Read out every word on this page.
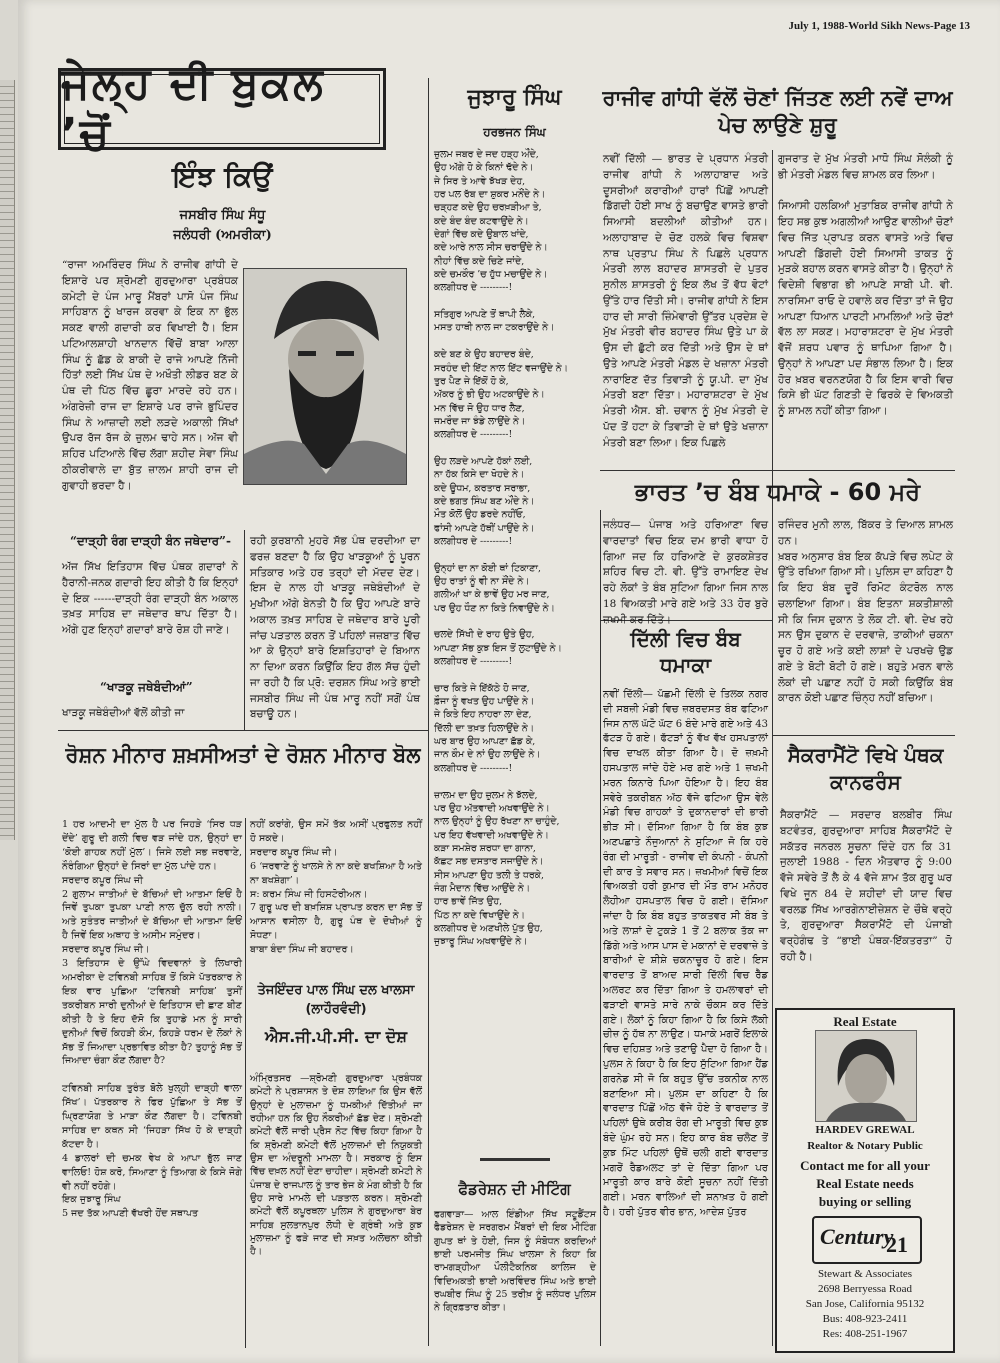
July 1, 1988-World Sikh News-Page 13
ਜੇਲ੍ਹ ਦੀ ਬੁਕਲ ’ਚੋਂ
ਇੰਝ ਕਿਉਂ
ਜਸਬੀਰ ਸਿੰਘ ਸੰਧੂ
ਜਲੰਧਰੀ (ਅਮਰੀਕਾ)
“ਰਾਜਾ ਅਮਰਿੰਦਰ ਸਿੰਘ ਨੇ ਰਾਜੀਵ ਗਾਂਧੀ ਦੇ ਇਸ਼ਾਰੇ ਪਰ ਸ਼੍ਰੋਮਣੀ ਗੁਰਦੁਆਰਾ ਪ੍ਰਬੰਧਕ ਕਮੇਟੀ ਦੇ ਪੰਜ ਮਾਰੂ ਮੈਂਬਰਾਂ ਪਾਸੋ ਪੰਜ ਸਿੰਘ ਸਾਹਿਬਾਨ ਨੂੰ ਖਾਰਜ ਕਰਵਾ ਕੇ ਇਕ ਨਾ ਭੁੱਲ ਸਕਣ ਵਾਲੀ ਗਦਾਰੀ ਕਰ ਵਿਖਾਈ ਹੈ। ਇਸ ਪਟਿਆਲਸ਼ਾਹੀ ਖਾਨਦਾਨ ਵਿੱਚੋਂ ਬਾਬਾ ਆਲਾ ਸਿੰਘ ਨੂੰ ਛੱਡ ਕੇ ਬਾਕੀ ਦੇ ਰਾਜੇ ਆਪਣੇ ਨਿੱਜੀ ਹਿੱਤਾਂ ਲਈ ਸਿੱਖ ਪੰਥ ਦੇ ਅਖੌਤੀ ਲੀਡਰ ਬਣ ਕੇ ਪੰਥ ਦੀ ਪਿੱਠ ਵਿੱਚ ਛੂਰਾ ਮਾਰਦੇ ਰਹੇ ਹਨ। ਅੰਗਰੇਜ਼ੀ ਰਾਜ ਦਾ ਇਸ਼ਾਰੇ ਪਰ ਰਾਜੇ ਭੁਪਿੰਦਰ ਸਿੰਘ ਨੇ ਆਜ਼ਾਦੀ ਲਈ ਲੜਦੇ ਅਕਾਲੀ ਸਿੱਖਾਂ ਉਪਰ ਰੱਜ ਰੱਜ ਕੇ ਜ਼ੁਲਮ ਢਾਹੇ ਸਨ। ਅੱਜ ਵੀ ਸ਼ਹਿਰ ਪਟਿਆਲੇ ਵਿੱਚ ਲੱਗਾ ਸ਼ਹੀਦ ਸੇਵਾ ਸਿੰਘ ਠੀਕਰੀਵਾਲੇ ਦਾ ਬੁੱਤ ਜ਼ਾਲਮ ਸ਼ਾਹੀ ਰਾਜ ਦੀ ਗੁਵਾਹੀ ਭਰਦਾ ਹੈ।
“ਦਾੜ੍ਹੀ ਰੰਗ ਦਾੜ੍ਹੀ ਬੰਨ ਜਥੇਦਾਰ”-
ਅੱਜ ਸਿੱਖ ਇਤਿਹਾਸ ਵਿੱਚ ਪੰਥਕ ਗਦਾਰਾਂ ਨੇ ਹੈਰਾਨੀ-ਜਨਕ ਗਦਾਰੀ ਇਹ ਕੀਤੀ ਹੈ ਕਿ ਇਨ੍ਹਾਂ ਦੇ ਇਕ ------ਦਾੜ੍ਹੀ ਰੰਗ ਦਾੜ੍ਹੀ ਬੰਨ ਅਕਾਲ ਤਖ਼ਤ ਸਾਹਿਬ ਦਾ ਜਥੇਦਾਰ ਥਾਪ ਦਿੱਤਾ ਹੈ। ਅੱਗੇ ਹੁਣ ਇਨ੍ਹਾਂ ਗਦਾਰਾਂ ਬਾਰੇ ਰੋਸ਼ ਹੀ ਜਾਣੇ।
“ਖਾੜਕੂ ਜਥੇਬੰਦੀਆਂ”
ਖਾੜਕੂ ਜਥੇਬੰਦੀਆਂ ਵੱਲੋਂ ਕੀਤੀ ਜਾ
ਰਹੀ ਕੁਰਬਾਨੀ ਮੁਹਰੇ ਸੱਭ ਪੰਥ ਦਰਦੀਆ ਦਾ ਫਰਜ਼ ਬਣਦਾ ਹੈ ਕਿ ਉਹ ਖਾੜਕੂਆਂ ਨੂੰ ਪੂਰਨ ਸਤਿਕਾਰ ਅਤੇ ਹਰ ਤਰ੍ਹਾਂ ਦੀ ਮੱਦਦ ਦੇਣ। ਇਸ ਦੇ ਨਾਲ ਹੀ ਖਾੜਕੂ ਜਥੇਬੰਦੀਆਂ ਦੇ ਮੁਖੀਆ ਅੱਗੇ ਬੇਨਤੀ ਹੈ ਕਿ ਉਹ ਆਪਣੇ ਬਾਰੇ ਅਕਾਲ ਤਖ਼ਤ ਸਾਹਿਬ ਦੇ ਜਥੇਦਾਰ ਬਾਰੇ ਪੂਰੀ ਜਾਂਚ ਪੜਤਾਲ ਕਰਨ ਤੋਂ ਪਹਿਲਾਂ ਜਜ਼ਬਾਤ ਵਿੱਚ ਆ ਕੇ ਉਨ੍ਹਾਂ ਬਾਰੇ ਇਸ਼ਤਿਹਾਰਾਂ ਦੇ ਬਿਆਨ ਨਾ ਦਿਆ ਕਰਨ ਕਿਉਂਕਿ ਇਹ ਗੱਲ ਸੱਚ ਹੁੰਦੀ ਜਾ ਰਹੀ ਹੈ ਕਿ ਪ੍ਰੋ: ਦਰਸ਼ਨ ਸਿੰਘ ਅਤੇ ਭਾਈ ਜਸਬੀਰ ਸਿੰਘ ਜੀ ਪੰਥ ਮਾਰੂ ਨਹੀਂ ਸਗੋਂ ਪੰਥ ਬਚਾਊ ਹਨ।
ਜੁਝਾਰੂ ਸਿੰਘ
ਹਰਭਜਨ ਸਿੰਘ
ਜ਼ੁਲਮ ਜਬਰ ਦੇ ਜਦ ਹੜ੍ਹ ਔਂਦੇ,
ਉਹ ਅੱਗੇ ਹੋ ਕੇ ਕਿਨਾਂ ਢੱਦੇ ਨੇ।
ਜੇ ਸਿਰ ਤੇ ਆਵੇ ਝੱਖੜ ਦੇਹ,
ਹਰ ਪਲ ਰੱਬ ਦਾ ਸ਼ੁਕਰ ਮਨੌਂਦੇ ਨੇ।
ਚੜ੍ਹਣ ਕਦੇ ਉਹ ਚਰਖ਼ੜੀਆ ਤੇ,
ਕਦੇ ਬੰਦ ਬੰਦ ਕਟਵਾਉਂਦੇ ਨੇ।
ਦੇਗਾਂ ਵਿੱਚ ਕਦੇ ਉਬਾਲ ਖਾਂਦੇ,
ਕਦੇ ਆਰੇ ਨਾਲ ਸੀਸ ਚਰਾਉਂਦੇ ਨੇ।
ਨੀਹਾਂ ਵਿੱਚ ਕਦੇ ਚਿਣੇ ਜਾਂਦੇ,
ਕਦੇ ਚਮਕੌਰ ’ਚ ਹੁੱਧ ਮਚਾਉਂਦੇ ਨੇ।
ਕਲਗੀਧਰ ਦੇ ---------!

ਸਤਿਗੁਰ ਆਪਣੇ ਤੋਂ ਥਾਪੀ ਲੈਕੇ,
ਮਸਤ ਹਾਥੀ ਨਾਲ ਜਾ ਟਕਰਾਉਂਦੇ ਨੇ।

ਕਦੇ ਬਣ ਕੇ ਉਹ ਬਹਾਦਰ ਬੰਦੇ,
ਸਰਹੰਦ ਦੀ ਇੱਟ ਨਾਲ ਇੱਟ ਵਜਾਉਂਦੇ ਨੇ।
ਤੁਰ ਪੈਣ ਜੇ ਇੱਕੋਂ ਹੋ ਕੇ,
ਅੱਕਰ ਨੂੰ ਭੀ ਉਹ ਅਟਕਾਉਂਦੇ ਨੇ।
ਮਨ ਵਿੱਚ ਜੋ ਉਹ ਧਾਰ ਲੈਣ,
ਜਮਰੌਦ ਜਾ ਝੰਡੇ ਲਾਉਂਦੇ ਨੇ।
ਕਲਗੀਧਰ ਦੇ ---------!

ਉਹ ਲੜਦੇ ਆਪਣੇ ਹੱਕਾਂ ਲਈ,
ਨਾ ਹੱਕ ਕਿਸੇ ਦਾ ਖੋਹਦੇ ਨੇ।
ਕਦੇ ਊਧਮ, ਕਰਤਾਰ ਸਰਾਭਾ,
ਕਦੇ ਭਗਤ ਸਿੰਘ ਬਣ ਔਂਦੇ ਨੇ।
ਮੌਤ ਕੋਲੋਂ ਉਹ ਡਰਦੇ ਨਹੀਂਓ,
ਫਾਂਸੀ ਆਪਣੇ ਹੱਥੀਂ ਪਾਉਂਦੇ ਨੇ।
ਕਲਗੀਧਰ ਦੇ ---------!

ਉਨ੍ਹਾਂ ਦਾ ਨਾ ਕੋਈ ਥਾਂ ਟਿਕਾਣਾ,
ਉਹ ਰਾਤਾਂ ਨੂੰ ਵੀ ਨਾ ਸੌਂਦੇ ਨੇ।
ਗਲੀਆਂ ਖਾ ਕੇ ਭਾਵੇਂ ਉਹ ਮਰ ਜਾਣ,
ਪਰ ਉਹ ਧੌਣ ਨਾ ਕਿਤੇ ਨਿਵਾਉਂਦੇ ਨੇ।

ਚਲਦੇ ਸਿੱਖੀ ਦੇ ਰਾਹ ਉਤੇ ਉਹ,
ਆਪਣਾ ਸੱਭ ਕੁਝ ਇਸ ਤੋਂ ਲੁਟਾਉਂਦੇ ਨੇ।
ਕਲਗੀਧਰ ਦੇ ---------!

ਚਾਰ ਕਿਤੇ ਜੇ ਇੱਕੱਠੇ ਹੋ ਜਾਣ,
ਫ਼ੌਜਾ ਨੂੰ ਵਖਤ ਉਹ ਪਾਉਂਦੇ ਨੇ।
ਜੇ ਕਿਤੇ ਇਹ ਨਾਹਰਾ ਲਾ ਦੇਣ,
ਦਿੱਲੀ ਦਾ ਤਖ਼ਤ ਹਿਲਾਉਂਦੇ ਨੇ।
ਘਰ ਬਾਰ ਉਹ ਆਪਣਾ ਛੱਡ ਕੇ,
ਜਾਨ ਕੌਮ ਦੇ ਨਾਂ ਉਹ ਲਾਉਂਦੇ ਨੇ।
ਕਲਗੀਧਰ ਦੇ ---------!

ਜ਼ਾਲਮ ਦਾ ਉਹ ਜ਼ੁਲਮ ਨੇ ਝੱਲਦੇ,
ਪਰ ਉਹ ਅੱਤਵਾਦੀ ਅਖਵਾਉਂਦੇ ਨੇ।
ਨਾਲ ਉਨ੍ਹਾਂ ਨੂੰ ਉਹ ਰੱਖਣਾ ਨਾ ਚਾਹੁੰਦੇ,
ਪਰ ਇਹ ਵੱਖਵਾਦੀ ਅਖਵਾਉਂਦੇ ਨੇ।
ਕੜਾ ਸਮਸ਼ੇਰ ਸ਼ਰਧਾ ਦਾ ਗਾਨਾ,
ਕੱਛਟ ਸਭ ਦਸਤਾਰ ਸਜਾਉਂਦੇ ਨੇ।
ਸੀਸ ਆਪਣਾ ਉਹ ਤਲੀ ਤੇ ਧਰਕੇ,
ਜੰਗ ਮੈਦਾਨ ਵਿੱਚ ਆਉਂਦੇ ਨੇ।
ਹਾਰ ਭਾਵੇਂ ਜਿੱਤ ਉਹ,
ਪਿੱਠ ਨਾ ਕਦੇ ਵਿਖਾਉਂਦੇ ਨੇ।
ਕਲਗੀਧਰ ਦੇ ਅਣਖੀਲੇ ਪੁੱਤ ਉਹ,
ਜੁਝਾਰੂ ਸਿੰਘ ਅਖਵਾਉਂਦੇ ਨੇ।
ਰਾਜੀਵ ਗਾਂਧੀ ਵੱਲੋਂ ਚੋਣਾਂ ਜਿੱਤਣ ਲਈ ਨਵੇਂ ਦਾਅ ਪੇਚ ਲਾਉਣੇ ਸ਼ੁਰੂ
ਨਵੀਂ ਦਿੱਲੀ — ਭਾਰਤ ਦੇ ਪ੍ਰਧਾਨ ਮੰਤਰੀ ਰਾਜੀਵ ਗਾਂਧੀ ਨੇ ਅਲਾਹਾਬਾਦ ਅਤੇ ਦੂਸਰੀਆਂ ਕਰਾਰੀਆਂ ਹਾਰਾਂ ਪਿੱਛੋਂ ਆਪਣੀ ਡਿੱਗਦੀ ਹੋਈ ਸਾਖ ਨੂੰ ਬਚਾਉਣ ਵਾਸਤੇ ਭਾਰੀ ਸਿਆਸੀ ਬਦਲੀਆਂ ਕੀਤੀਆਂ ਹਨ। ਅਲਾਹਾਬਾਦ ਦੇ ਚੋਣ ਹਲਕੇ ਵਿਚ ਵਿਸ਼ਵਾ ਨਾਥ ਪ੍ਰਤਾਪ ਸਿੰਘ ਨੇ ਪਿਛਲੇ ਪ੍ਰਧਾਨ ਮੰਤਰੀ ਲਾਲ ਬਹਾਦਰ ਸ਼ਾਸਤਰੀ ਦੇ ਪੁਤਰ ਸੁਨੀਲ ਸ਼ਾਸਤਰੀ ਨੂੰ ਇਕ ਲੱਖ ਤੋਂ ਵੱਧ ਵੋਟਾਂ ਉੱਤੇ ਹਾਰ ਦਿੱਤੀ ਸੀ। ਰਾਜੀਵ ਗਾਂਧੀ ਨੇ ਇਸ ਹਾਰ ਦੀ ਸਾਰੀ ਜ਼ਿੰਮੇਵਾਰੀ ਉੱਤਰ ਪ੍ਰਦੇਸ਼ ਦੇ ਮੁੱਖ ਮੰਤਰੀ ਵੀਰ ਬਹਾਦਰ ਸਿੰਘ ਉਤੇ ਪਾ ਕੇ ਉਸ ਦੀ ਛੁੱਟੀ ਕਰ ਦਿੱਤੀ ਅਤੇ ਉਸ ਦੇ ਥਾਂ ਉਤੇ ਆਪਣੇ ਮੰਤਰੀ ਮੰਡਲ ਦੇ ਖਜ਼ਾਨਾ ਮੰਤਰੀ ਨਾਰਾਇਣ ਦੱਤ ਤਿਵਾੜੀ ਨੂੰ ਯੂ.ਪੀ. ਦਾ ਮੁੱਖ ਮੰਤਰੀ ਬਣਾ ਦਿੱਤਾ। ਮਹਾਰਾਸ਼ਟਰਾ ਦੇ ਮੁੱਖ ਮੰਤਰੀ ਐਸ. ਬੀ. ਚਵਾਨ ਨੂੰ ਮੁੱਖ ਮੰਤਰੀ ਦੇ ਪੱਦ ਤੋਂ ਹਟਾ ਕੇ ਤਿਵਾੜੀ ਦੇ ਥਾਂ ਉਤੇ ਖਜ਼ਾਨਾ ਮੰਤਰੀ ਬਣਾ ਲਿਆ। ਇਕ ਪਿਛਲੇ
ਗੁਜਰਾਤ ਦੇ ਮੁੱਖ ਮੰਤਰੀ ਮਾਧੋ ਸਿੰਘ ਸੋਲੰਕੀ ਨੂੰ ਭੀ ਮੰਤਰੀ ਮੰਡਲ ਵਿਚ ਸ਼ਾਮਲ ਕਰ ਲਿਆ।

ਸਿਆਸੀ ਹਲਕਿਆਂ ਮੁਤਾਬਿਕ ਰਾਜੀਵ ਗਾਂਧੀ ਨੇ ਇਹ ਸਭ ਕੁਝ ਅਗਲੀਆਂ ਆਉਣ ਵਾਲੀਆਂ ਚੋਣਾਂ ਵਿਚ ਜਿੱਤ ਪ੍ਰਾਪਤ ਕਰਨ ਵਾਸਤੇ ਅਤੇ ਵਿਚ ਆਪਣੀ ਡਿੱਗਦੀ ਹੋਈ ਸਿਆਸੀ ਤਾਕਤ ਨੂੰ ਮੁੜਕੇ ਬਹਾਲ ਕਰਨ ਵਾਸਤੇ ਕੀਤਾ ਹੈ। ਉਨ੍ਹਾਂ ਨੇ ਵਿਦੇਸ਼ੀ ਵਿਭਾਗ ਭੀ ਆਪਣੇ ਸਾਬੀ ਪੀ. ਵੀ. ਨਾਰਸਿਮਾ ਰਾਓ ਦੇ ਹਵਾਲੇ ਕਰ ਦਿੱਤਾ ਤਾਂ ਜੋ ਉਹ ਆਪਣਾ ਧਿਆਨ ਪਾਰਟੀ ਮਾਮਲਿਆਂ ਅਤੇ ਚੋਣਾਂ ਵੱਲ ਲਾ ਸਕਣ। ਮਹਾਰਾਸ਼ਟਰਾ ਦੇ ਮੁੱਖ ਮੰਤਰੀ ਵੱਜੋਂ ਸ਼ਰਧ ਪਵਾਰ ਨੂੰ ਥਾਪਿਆ ਗਿਆ ਹੈ। ਉਨ੍ਹਾਂ ਨੇ ਆਪਣਾ ਪਦ ਸੰਭਾਲ ਲਿਆ ਹੈ। ਇਕ ਹੋਰ ਖ਼ਬਰ ਵਰਨਣਯੋਗ ਹੈ ਕਿ ਇਸ ਵਾਰੀ ਵਿਚ ਕਿਸੇ ਭੀ ਘੱਟ ਗਿਣਤੀ ਦੇ ਫਿਰਕੇ ਦੇ ਵਿਅਕਤੀ ਨੂੰ ਸ਼ਾਮਲ ਨਹੀਂ ਕੀਤਾ ਗਿਆ।
ਭਾਰਤ ’ਚ ਬੰਬ ਧਮਾਕੇ - 60 ਮਰੇ
ਜਲੰਧਰ— ਪੰਜਾਬ ਅਤੇ ਹਰਿਆਣਾ ਵਿਚ ਵਾਰਦਾਤਾਂ ਵਿਚ ਇਕ ਦਮ ਭਾਰੀ ਵਾਧਾ ਹੋ ਗਿਆ ਜਦ ਕਿ ਹਰਿਆਣੇ ਦੇ ਕੁਰਕਸ਼ੇਤਰ ਸ਼ਹਿਰ ਵਿਚ ਟੀ. ਵੀ. ਉੱਤੇ ਰਾਮਾਇਣ ਦੇਖ ਰਹੇ ਲੋਕਾਂ ਤੇ ਬੰਬ ਸੁਟਿਆ ਗਿਆ ਜਿਸ ਨਾਲ 18 ਵਿਅਕਤੀ ਮਾਰੇ ਗਏ ਅਤੇ 33 ਹੋਰ ਬੁਰੇ ਜ਼ਖਮੀ ਕਰ ਦਿੱਤੇ।
ਰਜਿੰਦਰ ਮੁਨੀ ਲਾਲ, ਬਿੱਕਰ ਤੇ ਦਿਆਲ ਸ਼ਾਮਲ ਹਨ।
ਖ਼ਬਰ ਅਨੁਸਾਰ ਬੰਬ ਇਕ ਕੱਪੜੇ ਵਿਚ ਲਪੇਟ ਕੇ ਉੱਤੇ ਰਖਿਆ ਗਿਆ ਸੀ। ਪੁਲਿਸ ਦਾ ਕਹਿਣਾ ਹੈ ਕਿ ਇਹ ਬੰਬ ਦੂਰੋਂ ਰਿਮੋਟ ਕੰਟਰੋਲ ਨਾਲ ਚਲਾਇਆ ਗਿਆ। ਬੰਬ ਇਤਨਾ ਸ਼ਕਤੀਸ਼ਾਲੀ ਸੀ ਕਿ ਜਿਸ ਦੁਕਾਨ ਤੇ ਲੋਕ ਟੀ. ਵੀ. ਦੇਖ ਰਹੇ ਸਨ ਉਸ ਦੁਕਾਨ ਦੇ ਦਰਵਾਜ਼ੇ, ਤਾਕੀਆਂ ਚਕਨਾ ਚੂਰ ਹੋ ਗਏ ਅਤੇ ਕਈ ਲਾਸ਼ਾਂ ਦੇ ਪਰਖਚੇ ਉਡ ਗਏ ਤੇ ਬੋਟੀ ਬੋਟੀ ਹੋ ਗਏ। ਬਹੁਤੇ ਮਰਨ ਵਾਲੇ ਲੋਕਾਂ ਦੀ ਪਛਾਣ ਨਹੀਂ ਹੋ ਸਕੀ ਕਿਉਂਕਿ ਬੰਬ ਕਾਰਨ ਕੋਈ ਪਛਾਣ ਚਿੰਨ੍ਹ ਨਹੀਂ ਬਚਿਆ।
ਦਿੱਲੀ ਵਿਚ ਬੰਬ ਧਮਾਕਾ
ਨਵੀਂ ਦਿੱਲੀ— ਪੱਛਮੀ ਦਿੱਲੀ ਦੇ ਤਿਲਕ ਨਗਰ ਦੀ ਸਬਜ਼ੀ ਮੰਡੀ ਵਿਚ ਜ਼ਬਰਦਸਤ ਬੰਬ ਫਟਿਆ ਜਿਸ ਨਾਲ ਘੱਟੋ ਘੱਟ 6 ਬੰਦੇ ਮਾਰੇ ਗਏ ਅਤੇ 43 ਫੱਟੜ ਹੋ ਗਏ। ਫੱਟੜਾਂ ਨੂੰ ਵੱਖ ਵੱਖ ਹਸਪਤਾਲਾਂ ਵਿਚ ਦਾਖਲ ਕੀਤਾ ਗਿਆ ਹੈ। ਦੋ ਜ਼ਖ਼ਮੀ ਹਸਪਤਾਲ ਜਾਂਦੇ ਹੋਏ ਮਰ ਗਏ ਅਤੇ 1 ਜ਼ਖਮੀ ਮਰਨ ਕਿਨਾਰੇ ਪਿਆ ਹੋਇਆ ਹੈ। ਇਹ ਬੰਬ ਸਵੇਰੇ ਤਕਰੀਬਨ ਅੱਠ ਵੱਜੇ ਫਟਿਆ ਉਸ ਵੇਲੇ ਮੰਡੀ ਵਿਚ ਗਾਹਕਾਂ ਤੇ ਦੁਕਾਨਦਾਰਾਂ ਦੀ ਭਾਰੀ ਭੀੜ ਸੀ। ਦੱਸਿਆ ਗਿਆ ਹੈ ਕਿ ਬੰਬ ਕੁਝ ਅਣਪਛਾਤੇ ਨੌਜੁਆਨਾਂ ਨੇ ਸੁਟਿਆ ਜੋ ਕਿ ਹਰੇ ਰੰਗ ਦੀ ਮਾਰੂਤੀ - ਰਾਜੀਵ ਦੀ ਕੰਪਨੀ - ਕੰਪਨੀ ਦੀ ਕਾਰ ਤੇ ਸਵਾਰ ਸਨ। ਜ਼ਖਮੀਆਂ ਵਿਚੋਂ ਇਕ ਵਿਅਕਤੀ ਹਰੀ ਕੁਮਾਰ ਦੀ ਮੌਤ ਰਾਮ ਮਨੋਹਰ ਲੋਹੀਆ ਹਸਪਤਾਲ ਵਿਚ ਹੋ ਗਈ। ਦੱਸਿਆ ਜਾਂਦਾ ਹੈ ਕਿ ਬੰਬ ਬਹੁਤ ਤਾਕਤਵਰ ਸੀ ਬੰਬ ਤੇ ਅਤੇ ਲਾਸ਼ਾਂ ਦੇ ਟੁਕੜੇ 1 ਤੋਂ 2 ਬਲਾਕ ਤੱਕ ਜਾ ਡਿੱਗੇ ਅਤੇ ਆਸ ਪਾਸ ਦੇ ਮਕਾਨਾਂ ਦੇ ਦਰਵਾਜ਼ੇ ਤੇ ਬਾਰੀਆਂ ਦੇ ਸ਼ੀਸ਼ੇ ਚਕਨਾਚੂਰ ਹੋ ਗਏ। ਇਸ ਵਾਰਦਾਤ ਤੋਂ ਬਾਅਦ ਸਾਰੀ ਦਿੱਲੀ ਵਿਚ ਰੈੱਡ ਅਲਰਟ ਕਰ ਦਿੱਤਾ ਗਿਆ ਤੇ ਹਮਲਾਵਰਾਂ ਦੀ ਫੜਾਈ ਵਾਸਤੇ ਸਾਰੇ ਨਾਕੇ ਚੌਕਸ ਕਰ ਦਿੱਤੇ ਗਏ। ਲੋਕਾਂ ਨੂੰ ਕਿਹਾ ਗਿਆ ਹੈ ਕਿ ਕਿਸੇ ਲੱਕੀ ਚੀਜ਼ ਨੂੰ ਹੱਥ ਨਾ ਲਾਉਣ। ਧਮਾਕੇ ਮਗਰੋਂ ਇਲਾਕੇ ਵਿਚ ਦਹਿਸ਼ਤ ਅਤੇ ਤਣਾਉ ਪੈਦਾ ਹੋ ਗਿਆ ਹੈ। ਪੁਲਸ ਨੇ ਕਿਹਾ ਹੈ ਕਿ ਇਹ ਸੁੱਟਿਆ ਗਿਆ ਹੈਂਡ ਗਰਨੇਡ ਸੀ ਜੋ ਕਿ ਬਹੁਤ ਉੱਚ ਤਕਨੀਕ ਨਾਲ ਬਣਾਇਆ ਸੀ। ਪੁਲਸ ਦਾ ਕਹਿਣਾ ਹੈ ਕਿ ਵਾਰਦਾਤ ਪਿੱਛੋਂ ਅੱਠ ਵੱਜੇ ਹੋਏ ਤੇ ਵਾਰਦਾਤ ਤੋਂ ਪਹਿਲਾਂ ਉਥੇ ਕਰੀਬ ਰੰਗ ਦੀ ਮਾਰੂਤੀ ਵਿਚ ਕੁਝ ਬੰਦੇ ਘੁੰਮ ਰਹੇ ਸਨ। ਇਹ ਕਾਰ ਬੰਬ ਚਲੋਣ ਤੋਂ ਕੁਝ ਮਿੰਟ ਪਹਿਲਾਂ ਉਥੋਂ ਚਲੀ ਗਈ ਵਾਰਦਾਤ ਮਗਰੋਂ ਰੈਡਅਲਟ ਤਾਂ ਦੇ ਦਿੱਤਾ ਗਿਆ ਪਰ ਮਾਰੂਤੀ ਕਾਰ ਬਾਰੇ ਕੋਈ ਸੂਚਨਾ ਨਹੀਂ ਦਿੱਤੀ ਗਈ। ਮਰਨ ਵਾਲਿਆਂ ਦੀ ਸ਼ਨਾਖ਼ਤ ਹੋ ਗਈ ਹੈ। ਹਰੀ ਪੁੱਤਰ ਵੀਰ ਭਾਨ, ਆਦੇਸ਼ ਪੁੱਤਰ
ਸੈਕਰਾਮੈਂਟੋ ਵਿਖੇ ਪੰਥਕ ਕਾਨਫਰੰਸ
ਸੈਕਰਾਮੈਂਟੋ — ਸਰਦਾਰ ਬਲਬੀਰ ਸਿੰਘ ਬਟਵੰਤਰ, ਗੁਰਦੁਆਰਾ ਸਾਹਿਬ ਸੈਕਰਾਮੈਂਟੋ ਦੇ ਸਕੱਤਰ ਜਨਰਲ ਸੂਚਨਾ ਦਿੰਦੇ ਹਨ ਕਿ 31 ਜੁਲਾਈ 1988 - ਦਿਨ ਐਤਵਾਰ ਨੂੰ 9:00 ਵੱਜੇ ਸਵੇਰੇ ਤੋਂ ਲੈ ਕੇ 4 ਵੱਜੇ ਸ਼ਾਮ ਤੱਕ ਗੁਰੂ ਘਰ ਵਿਖੇ ਜੂਨ 84 ਦੇ ਸ਼ਹੀਦਾਂ ਦੀ ਯਾਦ ਵਿਚ ਵਰਲਡ ਸਿੱਖ ਆਰਗੇਨਾਈਜ਼ੇਸ਼ਨ ਦੇ ਚੌਥੇ ਵਰ੍ਹੇ ਤੇ, ਗੁਰਦੁਆਰਾ ਸੈਕਰਾਮੈਂਟੋ ਦੀ ਪੰਜਾਬੀ ਵਰ੍ਹੇਗੰਢ ਤੇ “ਭਾਈ ਪੰਥਕ-ਇੱਕਤਰਤਾ” ਹੋ ਰਹੀ ਹੈ।
Real Estate
HARDEV GREWAL
Realtor & Notary Public
Contact me for all your
Real Estate needs
buying or selling
Century
21
Stewart & Associates
2698 Berryessa Road
San Jose, California 95132
Bus: 408-923-2411
Res: 408-251-1967
ਰੋਸ਼ਨ ਮੀਨਾਰ ਸ਼ਖ਼ਸੀਅਤਾਂ ਦੇ ਰੋਸ਼ਨ ਮੀਨਾਰ ਬੋਲ
1 ਹਰ ਆਦਮੀ ਦਾ ਮੁੱਲ ਹੈ ਪਰ ਜਿਹੜੇ ‘ਸਿਰ ਧੜ ਦੇਂਦੇ’ ਗੁਰੂ ਦੀ ਗਲੀ ਵਿਚ ਵੜ ਜਾਂਦੇ ਹਨ, ਉਨ੍ਹਾਂ ਦਾ ‘ਕੋਈ ਗਾਹਕ ਨਹੀਂ ਮੁੱਲ’। ਜਿਸੇ ਲਈ ਸਭ ਜਰਵਾਣੇ, ਨੌਰੰਗਿਆ ਉਨ੍ਹਾਂ ਦੇ ਸਿਰਾਂ ਦਾ ਮੁੱਲ ਪਾਂਦੇ ਹਨ।
ਸਰਦਾਰ ਕਪੂਰ ਸਿੰਘ ਜੀ
2 ਗੁਲਾਮ ਜਾਤੀਆਂ ਦੇ ਬੱਚਿਆਂ ਦੀ ਆਤਮਾ ਇਓਂ ਹੈ ਜਿਵੇਂ ਤੁਪਕਾ ਤੁਪਕਾ ਪਾਣੀ ਨਾਲ ਚੁੱਲ ਰਹੀ ਨਾਲੀ। ਅਤੇ ਸੁਤੰਤਰ ਜਾਤੀਆਂ ਦੇ ਬੱਚਿਆ ਦੀ ਆਤਮਾ ਇਓਂ ਹੈ ਜਿਵੇਂ ਇਕ ਅਥਾਹ ਤੇ ਅਸੀਮ ਸਮੁੰਦਰ।
ਸਰਦਾਰ ਕਪੂਰ ਸਿੰਘ ਜੀ।
3 ਇਤਿਹਾਸ ਦੇ ਉੱਘੇ ਵਿਦਵਾਨਾਂ ਤੇ ਲਿਖਾਰੀ ਅਮਰੀਕਾ ਦੇ ਟਵਿਨਬੀ ਸਾਹਿਬ ਤੋਂ ਕਿਸੇ ਪੱਤਰਕਾਰ ਨੇ ਇਕ ਵਾਰ ਪੁਛਿਆ ‘ਟਵਿਨਬੀ ਸਾਹਿਬ’ ਤੁਸੀਂ ਤਕਰੀਬਨ ਸਾਰੀ ਦੁਨੀਆਂ ਦੇ ਇਤਿਹਾਸ ਦੀ ਛਾਣ ਬੀਣ ਕੀਤੀ ਹੈ ਤੇ ਇਹ ਦੱਸੋ ਕਿ ਤੁਹਾਡੇ ਮਨ ਨੂੰ ਸਾਰੀ ਦੁਨੀਆਂ ਵਿਚੋਂ ਕਿਹੜੀ ਕੌਮ, ਕਿਹੜੇ ਧਰਮ ਦੇ ਲੋਕਾਂ ਨੇ ਸੱਭ ਤੋਂ ਜਿਆਦਾ ਪ੍ਰਭਾਵਿਤ ਕੀਤਾ ਹੈ? ਤੁਹਾਨੂੰ ਸੱਭ ਤੋਂ ਜਿਆਦਾ ਚੰਗਾ ਕੌਣ ਲੱਗਦਾ ਹੈ?

ਟਵਿਨਬੀ ਸਾਹਿਬ ਤੁਰੰਤ ਬੋਲੇ ਖੁਲ੍ਹੀ ਦਾੜ੍ਹੀ ਵਾਲਾ ਸਿੱਖ’। ਪੱਤਰਕਾਰ ਨੇ ਫਿਰ ਪੁੱਛਿਆ ਤੇ ਸੱਭ ਤੋਂ ਘ੍ਰਿਣਾਯੋਗ ਤੇ ਮਾੜਾ ਕੌਣ ਲੱਗਦਾ ਹੈ। ਟਵਿਨਬੀ ਸਾਹਿਬ ਦਾ ਕਥਨ ਸੀ ‘ਜਿਹੜਾ ਸਿੱਖ ਹੋ ਕੇ ਦਾੜ੍ਹੀ ਕੱਟਦਾ ਹੈ।
4 ਡਾਲਰਾਂ ਦੀ ਚਮਕ ਵੇਖ ਕੇ ਆਪਾ ਭੁੱਲ ਜਾਣ ਵਾਲਿਓ! ਹੋਸ਼ ਕਰੋ, ਸਿਆਣਾ ਨੂੰ ਤਿਆਗ ਕੇ ਕਿਸੇ ਜੋਗੇ ਵੀ ਨਹੀਂ ਰਹੋਗੇ।
ਇਕ ਜੁਝਾਰੂ ਸਿੰਘ
5 ਜਦ ਤੱਕ ਆਪਣੀ ਵੱਖਰੀ ਹੋਂਦ ਸਥਾਪਤ
ਨਹੀਂ ਕਰਾਂਗੇ, ਉਸ ਸਮੇਂ ਤੱਕ ਅਸੀਂ ਪ੍ਰਫੁਲਤ ਨਹੀਂ ਹੋ ਸਕਦੇ।
ਸਰਦਾਰ ਕਪੂਰ ਸਿੰਘ ਜੀ।
6 ‘ਜਰਵਾਣੇ ਨੂੰ ਖਾਲਸੇ ਨੇ ਨਾ ਕਦੇ ਬਖਸ਼ਿਆ ਹੈ ਅਤੇ ਨਾ ਬਖਸ਼ੇਗਾ’।
ਸ: ਕਰਮ ਸਿੰਘ ਜੀ ਹਿਸਟੋਰੀਅਨ।
7 ਗੁਰੂ ਘਰ ਦੀ ਬਖ਼ਸ਼ਿਸ਼ ਪ੍ਰਾਪਤ ਕਰਨ ਦਾ ਸੱਭ ਤੋਂ ਆਸਾਨ ਵਸੀਲਾ ਹੈ, ਗੁਰੂ ਪੰਥ ਦੇ ਦੋਖੀਆਂ ਨੂੰ ਸੋਧਣਾ।
ਬਾਬਾ ਬੰਦਾ ਸਿੰਘ ਜੀ ਬਹਾਦਰ।
ਤੇਜਇੰਦਰ ਪਾਲ ਸਿੰਘ ਦਲ ਖਾਲਸਾ (ਲਾਹੌਰਵੰਦੀ)
ਐਸ.ਜੀ.ਪੀ.ਸੀ. ਦਾ ਦੋਸ਼
ਅੰਮ੍ਰਿਤਸਰ —ਸ਼੍ਰੋਮਣੀ ਗੁਰਦੁਆਰਾ ਪ੍ਰਬੰਧਕ ਕਮੇਟੀ ਨੇ ਪ੍ਰਸ਼ਾਸਨ ਤੇ ਦੋਸ਼ ਲਾਇਆ ਕਿ ਉਸ ਵੱਲੋਂ ਉਨ੍ਹਾਂ ਦੇ ਮੁਲਾਜ਼ਮਾ ਨੂੰ ਧਮਕੀਆਂ ਦਿੱਤੀਆਂ ਜਾ ਰਹੀਆ ਹਨ ਕਿ ਉਹ ਨੌਕਰੀਆਂ ਛੱਡ ਦੇਣ। ਸ਼੍ਰੋਮਣੀ ਕਮੇਟੀ ਵੱਲੋਂ ਜਾਰੀ ਪ੍ਰੈਸ ਨੋਟ ਵਿੱਚ ਕਿਹਾ ਗਿਆ ਹੈ ਕਿ ਸ਼੍ਰੋਮਣੀ ਕਮੇਟੀ ਵੱਲੋਂ ਮੁਲਾਜ਼ਮਾਂ ਦੀ ਨਿਯੁਕਤੀ ਉਸ ਦਾ ਅੰਦਰੂਨੀ ਮਾਮਲਾ ਹੈ। ਸਰਕਾਰ ਨੂੰ ਇਸ ਵਿੱਚ ਦਖ਼ਲ ਨਹੀਂ ਦੇਣਾ ਚਾਹੀਦਾ। ਸ਼੍ਰੋਮਣੀ ਕਮੇਟੀ ਨੇ ਪੰਜਾਬ ਦੇ ਰਾਜਪਾਲ ਨੂੰ ਤਾਰ ਭੇਜ ਕੇ ਮੰਗ ਕੀਤੀ ਹੈ ਕਿ ਉਹ ਸਾਰੇ ਮਾਮਲੇ ਦੀ ਪੜਤਾਲ ਕਰਨ। ਸ਼੍ਰੋਮਣੀ ਕਮੇਟੀ ਵੱਲੋਂ ਕਪੂਰਥਲਾ ਪੁਲਿਸ ਨੇ ਗੁਰਦੁਆਰਾ ਬੇਰ ਸਾਹਿਬ ਸੁਲਤਾਨਪੁਰ ਲੋਧੀ ਦੇ ਗ੍ਰੰਥੀ ਅਤੇ ਕੁਝ ਮੁਲਾਜ਼ਮਾ ਨੂੰ ਫੜੇ ਜਾਣ ਦੀ ਸਖ਼ਤ ਅਲੋਚਨਾ ਕੀਤੀ ਹੈ।
ਫੈਡਰੇਸ਼ਨ ਦੀ ਮੀਟਿੰਗ
ਫਗਵਾੜਾ— ਆਲ ਇੰਡੀਆ ਸਿੱਖ ਸਟੂਡੈਂਟਸ ਫੈਡਰੇਸ਼ਨ ਦੇ ਸਰਗਰਮ ਮੈਂਬਰਾਂ ਦੀ ਇਕ ਮੀਟਿੰਗ ਗੁਪਤ ਥਾਂ ਤੇ ਹੋਈ, ਜਿਸ ਨੂੰ ਸੰਬੋਧਨ ਕਰਦਿਆਂ ਭਾਈ ਪਰਮਜੀਤ ਸਿੰਘ ਖਾਲਸਾ ਨੇ ਕਿਹਾ ਕਿ ਰਾਮਗੜ੍ਹੀਆ ਪੌਲੀਟੈਕਨਿਕ ਕਾਲਿਜ ਦੇ ਵਿਦਿਅਕਤੀ ਭਾਈ ਅਰਵਿੰਦਰ ਸਿੰਘ ਅਤੇ ਭਾਈ ਰਘਬੀਰ ਸਿੰਘ ਨੂੰ 25 ਤਰੀਖ਼ ਨੂੰ ਜਲੰਧਰ ਪੁਲਿਸ ਨੇ ਗ੍ਰਿਫ਼ਤਾਰ ਕੀਤਾ।
